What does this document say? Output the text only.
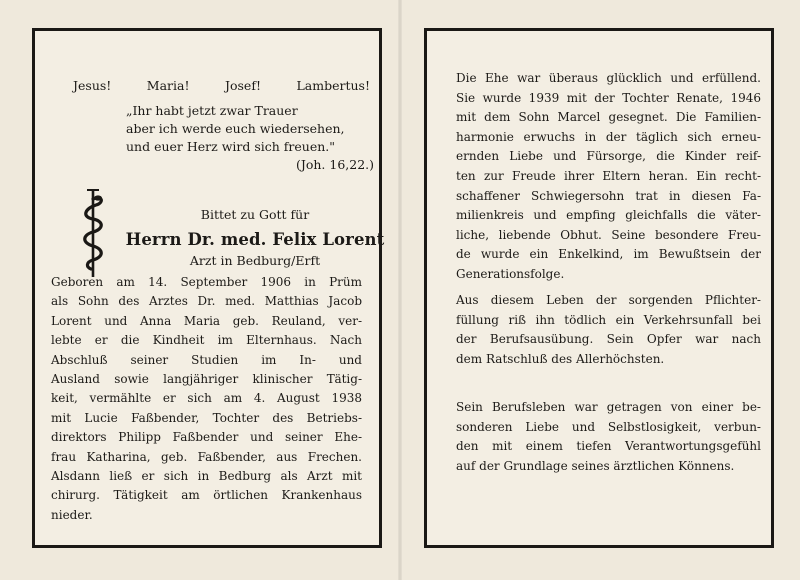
Jesus!	Maria!	Josef!	Lambertus!
„Ihr habt jetzt zwar Trauer
aber ich werde euch wiedersehen,
und euer Herz wird sich freuen."
(Joh. 16,22.)
Bittet zu Gott für
Herrn Dr. med. Felix Lorent
Arzt in Bedburg/Erft
Geboren am 14. September 1906 in Prüm
als Sohn des Arztes Dr. med. Matthias Jacob
Lorent und Anna Maria geb. Reuland, ver-
lebte er die Kindheit im Elternhaus. Nach
Abschluß seiner Studien im In- und
Ausland sowie langjähriger klinischer Tätig-
keit, vermählte er sich am 4. August 1938
mit Lucie Faßbender, Tochter des Betriebs-
direktors Philipp Faßbender und seiner Ehe-
frau Katharina, geb. Faßbender, aus Frechen.
Alsdann ließ er sich in Bedburg als Arzt mit
chirurg. Tätigkeit am örtlichen Krankenhaus
nieder.
Die Ehe war überaus glücklich und erfüllend.
Sie wurde 1939 mit der Tochter Renate, 1946
mit dem Sohn Marcel gesegnet. Die Familien-
harmonie erwuchs in der täglich sich erneu-
ernden Liebe und Fürsorge, die Kinder reif-
ten zur Freude ihrer Eltern heran. Ein recht-
schaffener Schwiegersohn trat in diesen Fa-
milienkreis und empfing gleichfalls die väter-
liche, liebende Obhut. Seine besondere Freu-
de wurde ein Enkelkind, im Bewußtsein der
Generationsfolge.
Aus diesem Leben der sorgenden Pflichter-
füllung riß ihn tödlich ein Verkehrsunfall bei
der Berufsausübung. Sein Opfer war nach
dem Ratschluß des Allerhöchsten.
Sein Berufsleben war getragen von einer be-
sonderen Liebe und Selbstlosigkeit, verbun-
den mit einem tiefen Verantwortungsgefühl
auf der Grundlage seines ärztlichen Könnens.
